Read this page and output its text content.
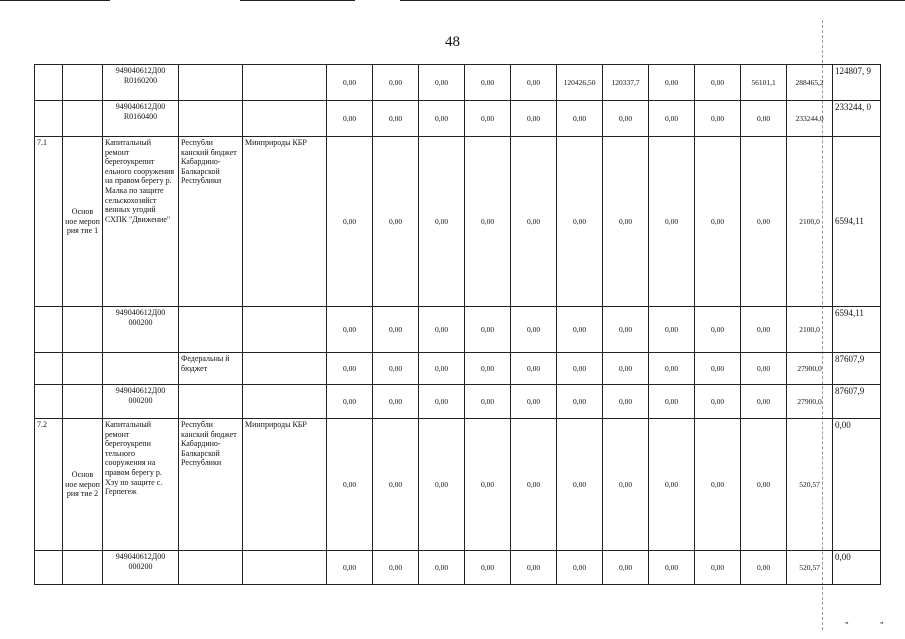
„	„
48
		949040612Д00 R0160200			0,00	0,00	0,00	0,00	0,00	120426,50	120337,7	0,00	0,00	56101,1	288465,2	124807, 9
		949040612Д00 R0160400			0,00	0,00	0,00	0,00	0,00	0,00	0,00	0,00	0,00	0,00	233244,0	233244, 0
7.1	Основ ное мероп рия тие 1	Капитальный ремонт берегоукрепит ельного сооружения на правом берегу р. Малка по защите сельскохозяйст венных угодий СХПК "Движение"	Республи канский бюджет Кабардино-Балкарской Республики	Минприроды КБР	0,00	0,00	0,00	0,00	0,00	0,00	0,00	0,00	0,00	0,00	2100,0	6594,11
		949040612Д00 000200			0,00	0,00	0,00	0,00	0,00	0,00	0,00	0,00	0,00	0,00	2100,0	6594,11
			Федеральны й бюджет		0,00	0,00	0,00	0,00	0,00	0,00	0,00	0,00	0,00	0,00	27900,0	87607,9
		949040612Д00 000200			0,00	0,00	0,00	0,00	0,00	0,00	0,00	0,00	0,00	0,00	27900,0	87607,9
7.2	Основ ное мероп рия тие 2	Капитальный ремонт берегоукрепи тельного сооружения на правом берегу р. Хэу по защите с. Герпегеж	Республи канский бюджет Кабардино-Балкарской Республики	Минприроды КБР	0,00	0,00	0,00	0,00	0,00	0,00	0,00	0,00	0,00	0,00	520,57	0,00
		949040612Д00 000200			0,00	0,00	0,00	0,00	0,00	0,00	0,00	0,00	0,00	0,00	520,57	0,00
